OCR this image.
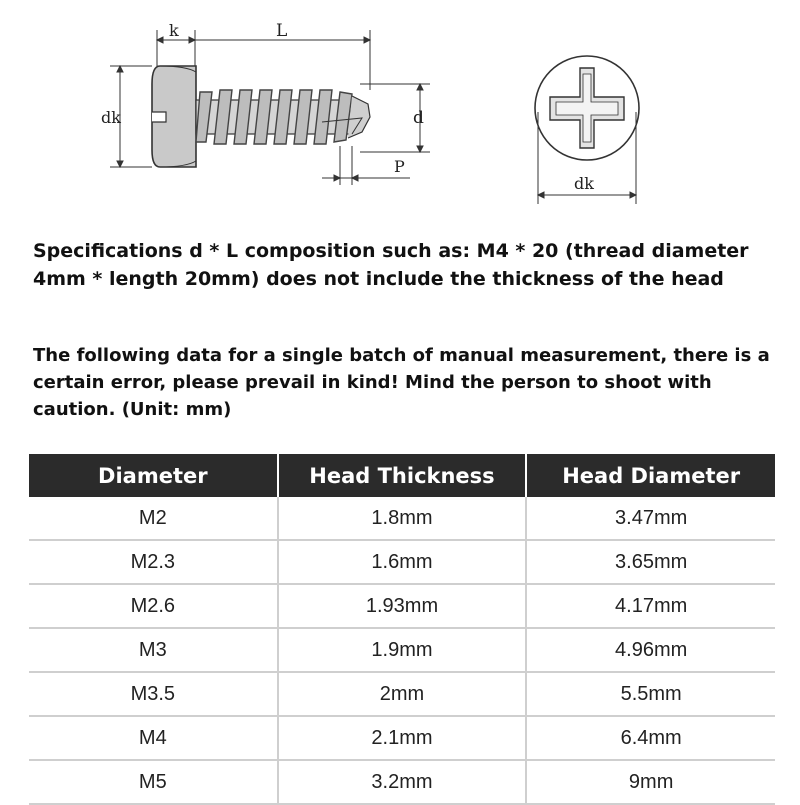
k	L
dk	d
P
dk

Specifications d * L composition such as: M4 * 20 (thread diameter 4mm * length 20mm) does not include the thickness of the head

The following data for a single batch of manual measurement, there is a certain error, please prevail in kind! Mind the person to shoot with caution. (Unit: mm)

Diameter	Head Thickness	Head Diameter
M2	1.8mm	3.47mm
M2.3	1.6mm	3.65mm
M2.6	1.93mm	4.17mm
M3	1.9mm	4.96mm
M3.5	2mm	5.5mm
M4	2.1mm	6.4mm
M5	3.2mm	9mm
